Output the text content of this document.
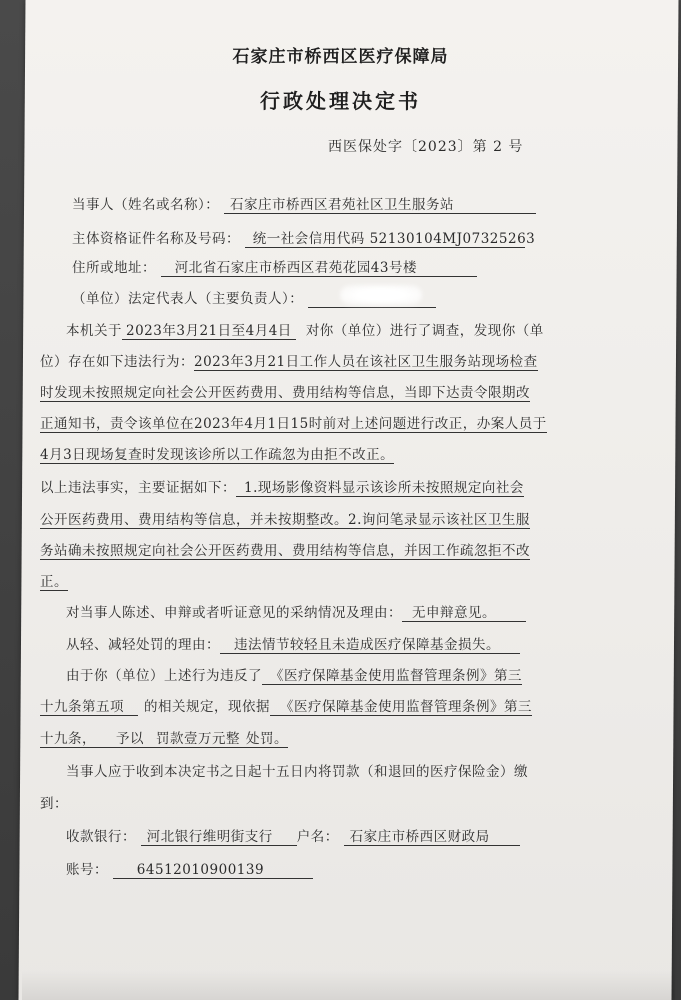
石家庄市桥西区医疗保障局
行政处理决定书
西医保处字〔2023〕第 2 号
当事人（姓名或名称）： 石家庄市桥西区君苑社区卫生服务站
主体资格证件名称及号码： 统一社会信用代码 52130104MJ07325263
住所或地址： 河北省石家庄市桥西区君苑花园43号楼
（单位）法定代表人（主要负责人）：
本机关于 2023年3月21日至4月4日 对你（单位）进行了调查，发现你（单
位）存在如下违法行为：2023年3月21日工作人员在该社区卫生服务站现场检查
时发现未按照规定向社会公开医药费用、费用结构等信息，当即下达责令限期改
正通知书，责令该单位在2023年4月1日15时前对上述问题进行改正，办案人员于
4月3日现场复查时发现该诊所以工作疏忽为由拒不改正。
以上违法事实，主要证据如下： 1.现场影像资料显示该诊所未按照规定向社会
公开医药费用、费用结构等信息，并未按期整改。2.询问笔录显示该社区卫生服
务站确未按照规定向社会公开医药费用、费用结构等信息，并因工作疏忽拒不改
正。
对当事人陈述、申辩或者听证意见的采纳情况及理由： 无申辩意见。
从轻、减轻处罚的理由： 违法情节较轻且未造成医疗保障基金损失。
由于你（单位）上述行为违反了 《医疗保障基金使用监督管理条例》第三
十九条第五项 的相关规定，现依据 《医疗保障基金使用监督管理条例》第三
十九条， 予以 罚款壹万元整 处罚。
当事人应于收到本决定书之日起十五日内将罚款（和退回的医疗保险金）缴
到：
收款银行： 河北银行维明街支行 户名： 石家庄市桥西区财政局
账号： 64512010900139
